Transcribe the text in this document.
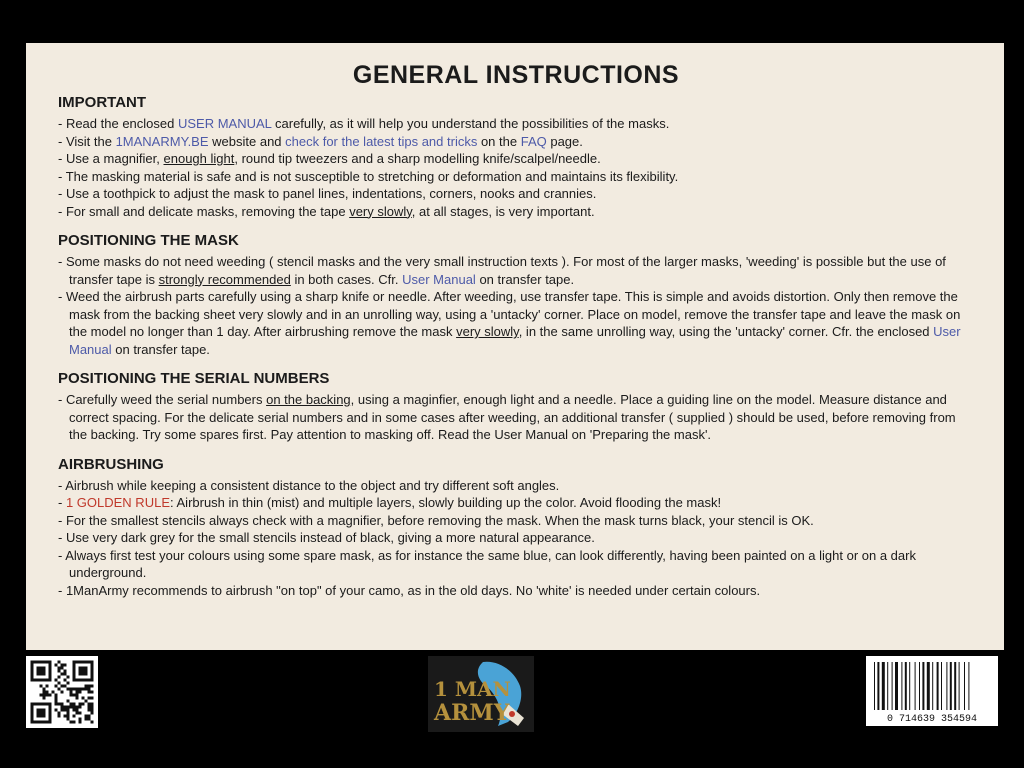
GENERAL INSTRUCTIONS
IMPORTANT
- Read the enclosed USER MANUAL carefully, as it will help you understand the possibilities of the masks.
- Visit the 1MANARMY.BE website and check for the latest tips and tricks on the FAQ page.
- Use a magnifier, enough light, round tip tweezers and a sharp modelling knife/scalpel/needle.
- The masking material is safe and is not susceptible to stretching or deformation and maintains its flexibility.
- Use a toothpick to adjust the mask to panel lines, indentations, corners, nooks and crannies.
- For small and delicate masks, removing the tape very slowly, at all stages, is very important.
POSITIONING THE MASK
- Some masks do not need weeding ( stencil masks and the very small instruction texts ). For most of the larger masks, 'weeding' is possible but the use of transfer tape is strongly recommended in both cases. Cfr. User Manual on transfer tape.
- Weed the airbrush parts carefully using a sharp knife or needle. After weeding, use transfer tape. This is simple and avoids distortion. Only then remove the mask from the backing sheet very slowly and in an unrolling way, using a 'untacky' corner. Place on model, remove the transfer tape and leave the mask on the model no longer than 1 day. After airbrushing remove the mask very slowly, in the same unrolling way, using the 'untacky' corner. Cfr. the enclosed User Manual on transfer tape.
POSITIONING THE SERIAL NUMBERS
- Carefully weed the serial numbers on the backing, using a maginfier, enough light and a needle. Place a guiding line on the model. Measure distance and correct spacing. For the delicate serial numbers and in some cases after weeding, an additional transfer ( supplied ) should be used, before removing from the backing. Try some spares first. Pay attention to masking off. Read the User Manual on 'Preparing the mask'.
AIRBRUSHING
- Airbrush while keeping a consistent distance to the object and try different soft angles.
- 1 GOLDEN RULE: Airbrush in thin (mist) and multiple layers, slowly building up the color. Avoid flooding the mask!
- For the smallest stencils always check with a magnifier, before removing the mask. When the mask turns black, your stencil is OK.
- Use very dark grey for the small stencils instead of black, giving a more natural appearance.
- Always first test your colours using some spare mask, as for instance the same blue, can look differently, having been painted on a light or on a dark underground.
- 1ManArmy recommends to airbrush "on top" of your camo, as in the old days. No 'white' is needed under certain colours.
1 MAN
ARMY	0 714639 354594
